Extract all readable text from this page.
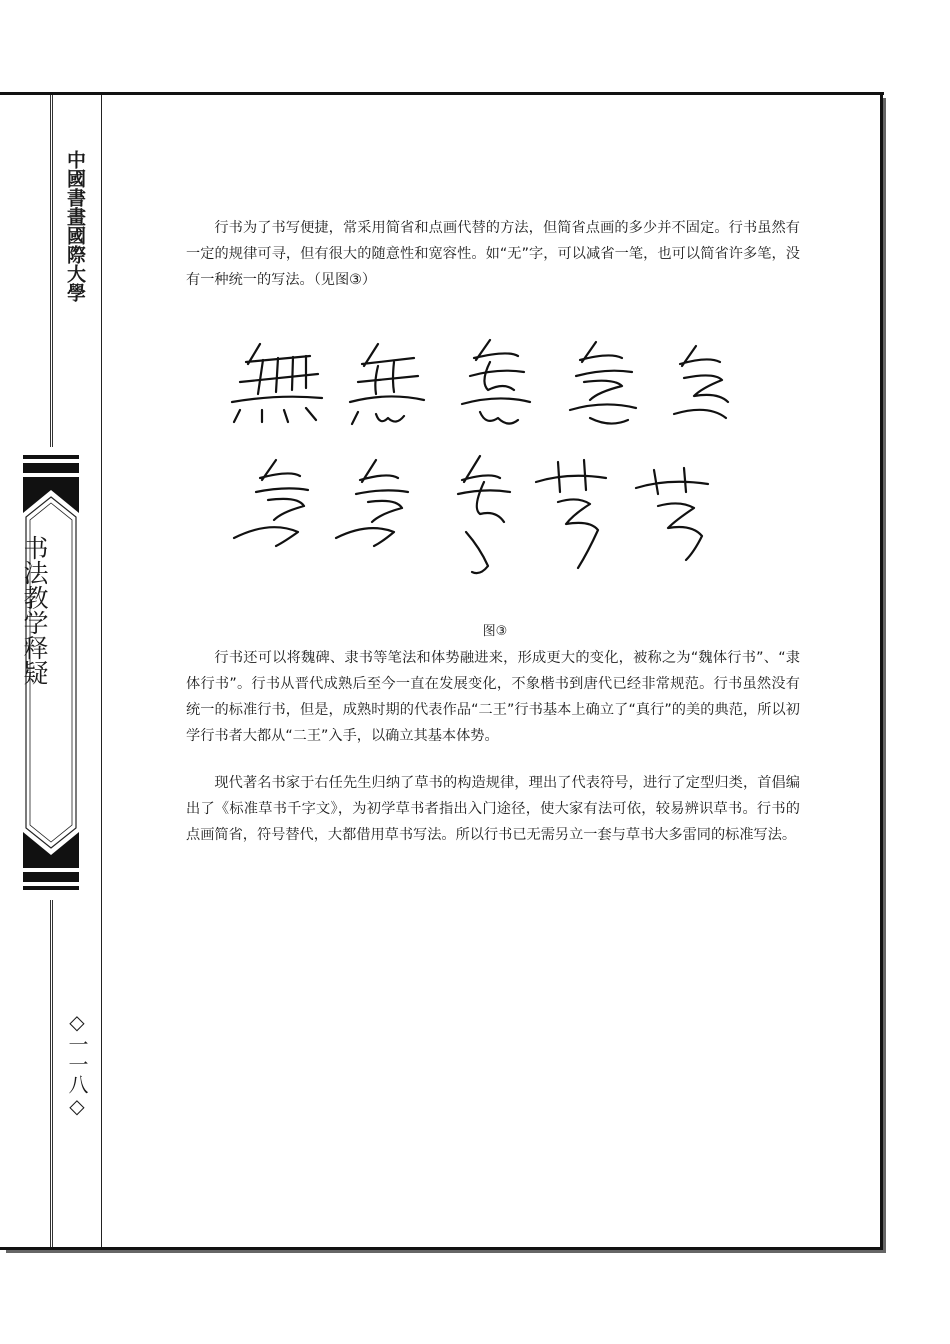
中國書畫國際大學
书法教学释疑
◇一一八◇

行书为了书写便捷，常采用简省和点画代替的方法，但简省点画的多少并不固定。行书虽然有一定的规律可寻，但有很大的随意性和宽容性。如“无”字，可以减省一笔，也可以简省许多笔，没有一种统一的写法。（见图③）

图③

行书还可以将魏碑、隶书等笔法和体势融进来，形成更大的变化，被称之为“魏体行书”、“隶体行书”。行书从晋代成熟后至今一直在发展变化，不象楷书到唐代已经非常规范。行书虽然没有统一的标准行书，但是，成熟时期的代表作品“二王”行书基本上确立了“真行”的美的典范，所以初学行书者大都从“二王”入手，以确立其基本体势。

现代著名书家于右任先生归纳了草书的构造规律，理出了代表符号，进行了定型归类，首倡编出了《标准草书千字文》，为初学草书者指出入门途径，使大家有法可依，较易辨识草书。行书的点画简省，符号替代，大都借用草书写法。所以行书已无需另立一套与草书大多雷同的标准写法。
